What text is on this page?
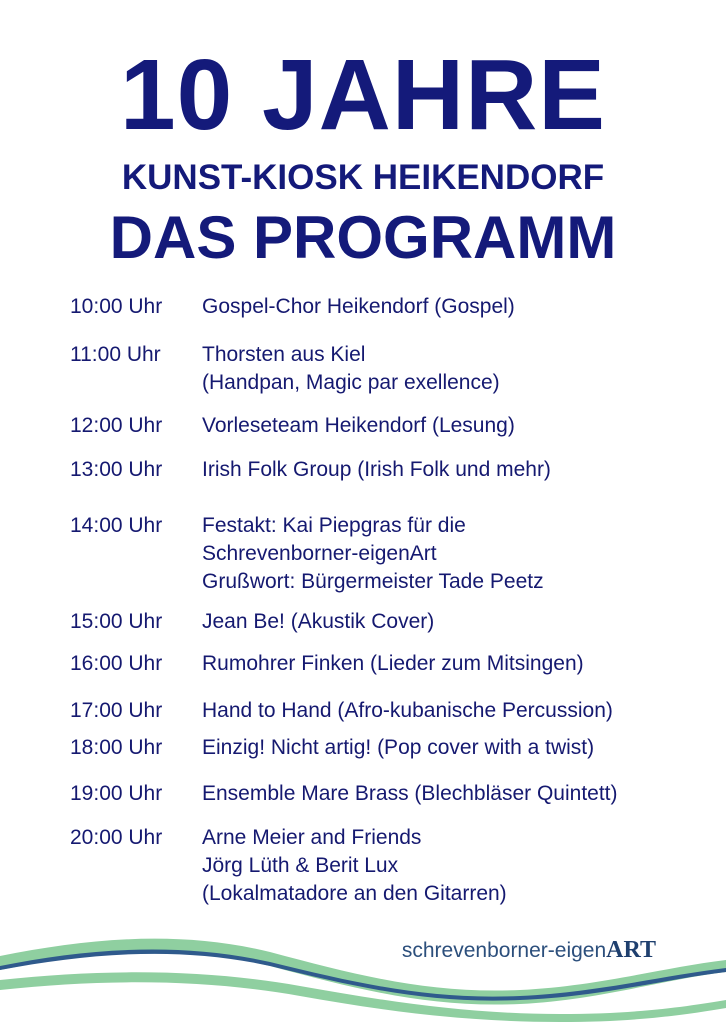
10 JAHRE
KUNST-KIOSK HEIKENDORF
DAS PROGRAMM
10:00 Uhr Gospel-Chor Heikendorf (Gospel)
11:00 Uhr Thorsten aus Kiel
(Handpan, Magic par exellence)
12:00 Uhr Vorleseteam Heikendorf (Lesung)
13:00 Uhr Irish Folk Group (Irish Folk und mehr)
14:00 Uhr Festakt: Kai Piepgras für die
Schrevenborner-eigenArt
Grußwort: Bürgermeister Tade Peetz
15:00 Uhr Jean Be! (Akustik Cover)
16:00 Uhr Rumohrer Finken (Lieder zum Mitsingen)
17:00 Uhr Hand to Hand (Afro-kubanische Percussion)
18:00 Uhr Einzig! Nicht artig! (Pop cover with a twist)
19:00 Uhr Ensemble Mare Brass (Blechbläser Quintett)
20:00 Uhr Arne Meier and Friends
Jörg Lüth & Berit Lux
(Lokalmatadore an den Gitarren)
schrevenborner-eigenART
